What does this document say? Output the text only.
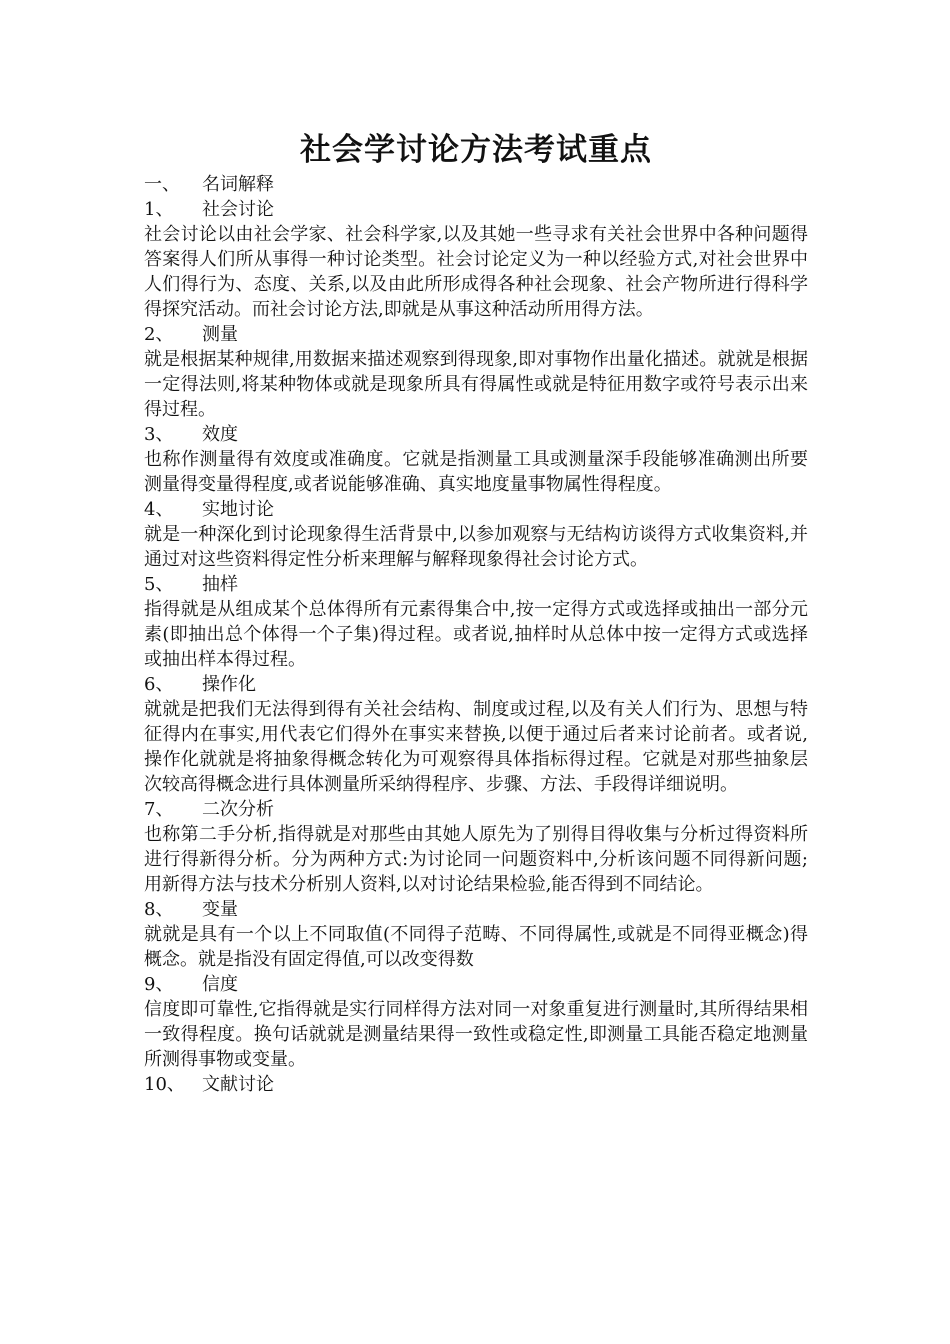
社会学讨论方法考试重点
一、 名词解释
1、 社会讨论

社会讨论以由社会学家、社会科学家,以及其她一些寻求有关社会世界中各种问题得答案得人们所从事得一种讨论类型。社会讨论定义为一种以经验方式,对社会世界中人们得行为、态度、关系,以及由此所形成得各种社会现象、社会产物所进行得科学得探究活动。而社会讨论方法,即就是从事这种活动所用得方法。

2、 测量

就是根据某种规律,用数据来描述观察到得现象,即对事物作出量化描述。就就是根据一定得法则,将某种物体或就是现象所具有得属性或就是特征用数字或符号表示出来得过程。

3、 效度

也称作测量得有效度或准确度。它就是指测量工具或测量深手段能够准确测出所要测量得变量得程度,或者说能够准确、真实地度量事物属性得程度。

4、 实地讨论

就是一种深化到讨论现象得生活背景中,以参加观察与无结构访谈得方式收集资料,并通过对这些资料得定性分析来理解与解释现象得社会讨论方式。

5、 抽样

指得就是从组成某个总体得所有元素得集合中,按一定得方式或选择或抽出一部分元素(即抽出总个体得一个子集)得过程。或者说,抽样时从总体中按一定得方式或选择或抽出样本得过程。

6、 操作化

就就是把我们无法得到得有关社会结构、制度或过程,以及有关人们行为、思想与特征得内在事实,用代表它们得外在事实来替换,以便于通过后者来讨论前者。或者说,操作化就就是将抽象得概念转化为可观察得具体指标得过程。它就是对那些抽象层次较高得概念进行具体测量所采纳得程序、步骤、方法、手段得详细说明。

7、 二次分析

也称第二手分析,指得就是对那些由其她人原先为了别得目得收集与分析过得资料所进行得新得分析。分为两种方式:为讨论同一问题资料中,分析该问题不同得新问题;用新得方法与技术分析别人资料,以对讨论结果检验,能否得到不同结论。

8、 变量

就就是具有一个以上不同取值(不同得子范畴、不同得属性,或就是不同得亚概念)得概念。就是指没有固定得值,可以改变得数

9、 信度

信度即可靠性,它指得就是实行同样得方法对同一对象重复进行测量时,其所得结果相一致得程度。换句话就就是测量结果得一致性或稳定性,即测量工具能否稳定地测量所测得事物或变量。

10、 文献讨论
